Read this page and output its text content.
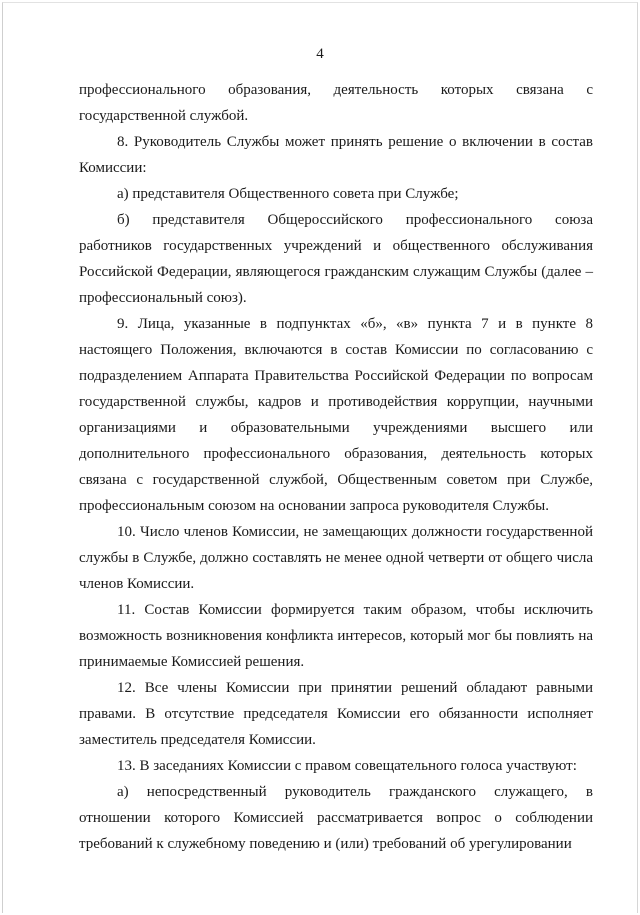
4

профессионального образования, деятельность которых связана с государственной службой.

8. Руководитель Службы может принять решение о включении в состав Комиссии:

а) представителя Общественного совета при Службе;

б) представителя Общероссийского профессионального союза работников государственных учреждений и общественного обслуживания Российской Федерации, являющегося гражданским служащим Службы (далее – профессиональный союз).

9. Лица, указанные в подпунктах «б», «в» пункта 7 и в пункте 8 настоящего Положения, включаются в состав Комиссии по согласованию с подразделением Аппарата Правительства Российской Федерации по вопросам государственной службы, кадров и противодействия коррупции, научными организациями и образовательными учреждениями высшего или дополнительного профессионального образования, деятельность которых связана с государственной службой, Общественным советом при Службе, профессиональным союзом на основании запроса руководителя Службы.

10. Число членов Комиссии, не замещающих должности государственной службы в Службе, должно составлять не менее одной четверти от общего числа членов Комиссии.

11. Состав Комиссии формируется таким образом, чтобы исключить возможность возникновения конфликта интересов, который мог бы повлиять на принимаемые Комиссией решения.

12. Все члены Комиссии при принятии решений обладают равными правами. В отсутствие председателя Комиссии его обязанности исполняет заместитель председателя Комиссии.

13. В заседаниях Комиссии с правом совещательного голоса участвуют:

а) непосредственный руководитель гражданского служащего, в отношении которого Комиссией рассматривается вопрос о соблюдении требований к служебному поведению и (или) требований об урегулировании
